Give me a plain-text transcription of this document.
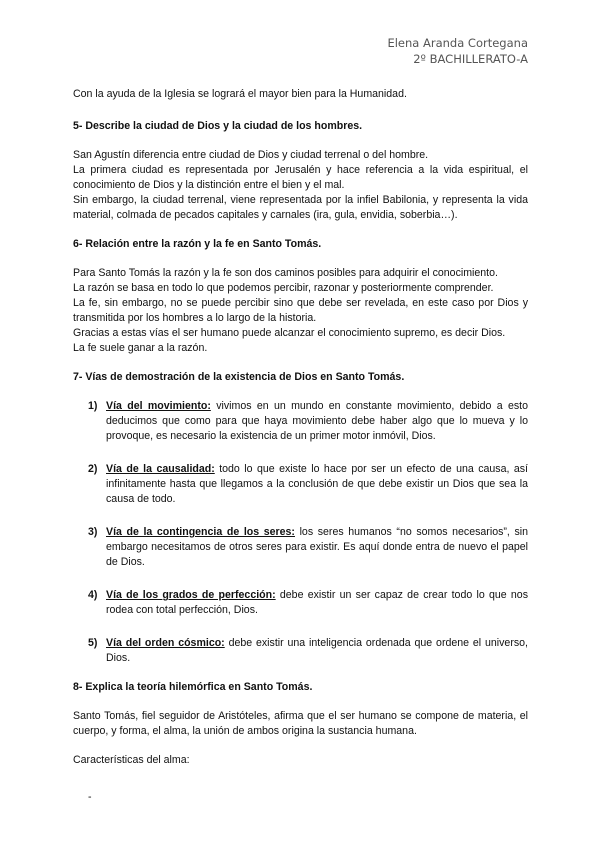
Elena Aranda Cortegana
2º BACHILLERATO-A

Con la ayuda de la Iglesia se logrará el mayor bien para la Humanidad.

5- Describe la ciudad de Dios y la ciudad de los hombres.

San Agustín diferencia entre ciudad de Dios y ciudad terrenal o del hombre.

La primera ciudad es representada por Jerusalén y hace referencia a la vida espiritual, el conocimiento de Dios y la distinción entre el bien y el mal.

Sin embargo, la ciudad terrenal, viene representada por la infiel Babilonia, y representa la vida material, colmada de pecados capitales y carnales (ira, gula, envidia, soberbia…).

6- Relación entre la razón y la fe en Santo Tomás.

Para Santo Tomás la razón y la fe son dos caminos posibles para adquirir el conocimiento.

La razón se basa en todo lo que podemos percibir, razonar y posteriormente comprender.

La fe, sin embargo, no se puede percibir sino que debe ser revelada, en este caso por Dios y transmitida por los hombres a lo largo de la historia.

Gracias a estas vías el ser humano puede alcanzar el conocimiento supremo, es decir Dios.

La fe suele ganar a la razón.

7- Vías de demostración de la existencia de Dios en Santo Tomás.

1) Vía del movimiento: vivimos en un mundo en constante movimiento, debido a esto deducimos que como para que haya movimiento debe haber algo que lo mueva y lo provoque, es necesario la existencia de un primer motor inmóvil, Dios.
2) Vía de la causalidad: todo lo que existe lo hace por ser un efecto de una causa, así infinitamente hasta que llegamos a la conclusión de que debe existir un Dios que sea la causa de todo.
3) Vía de la contingencia de los seres: los seres humanos “no somos necesarios”, sin embargo necesitamos de otros seres para existir. Es aquí donde entra de nuevo el papel de Dios.
4) Vía de los grados de perfección: debe existir un ser capaz de crear todo lo que nos rodea con total perfección, Dios.
5) Vía del orden cósmico: debe existir una inteligencia ordenada que ordene el universo, Dios.

8- Explica la teoría hilemórfica en Santo Tomás.

Santo Tomás, fiel seguidor de Aristóteles, afirma que el ser humano se compone de materia, el cuerpo, y forma, el alma, la unión de ambos origina la sustancia humana.

Características del alma:

-
